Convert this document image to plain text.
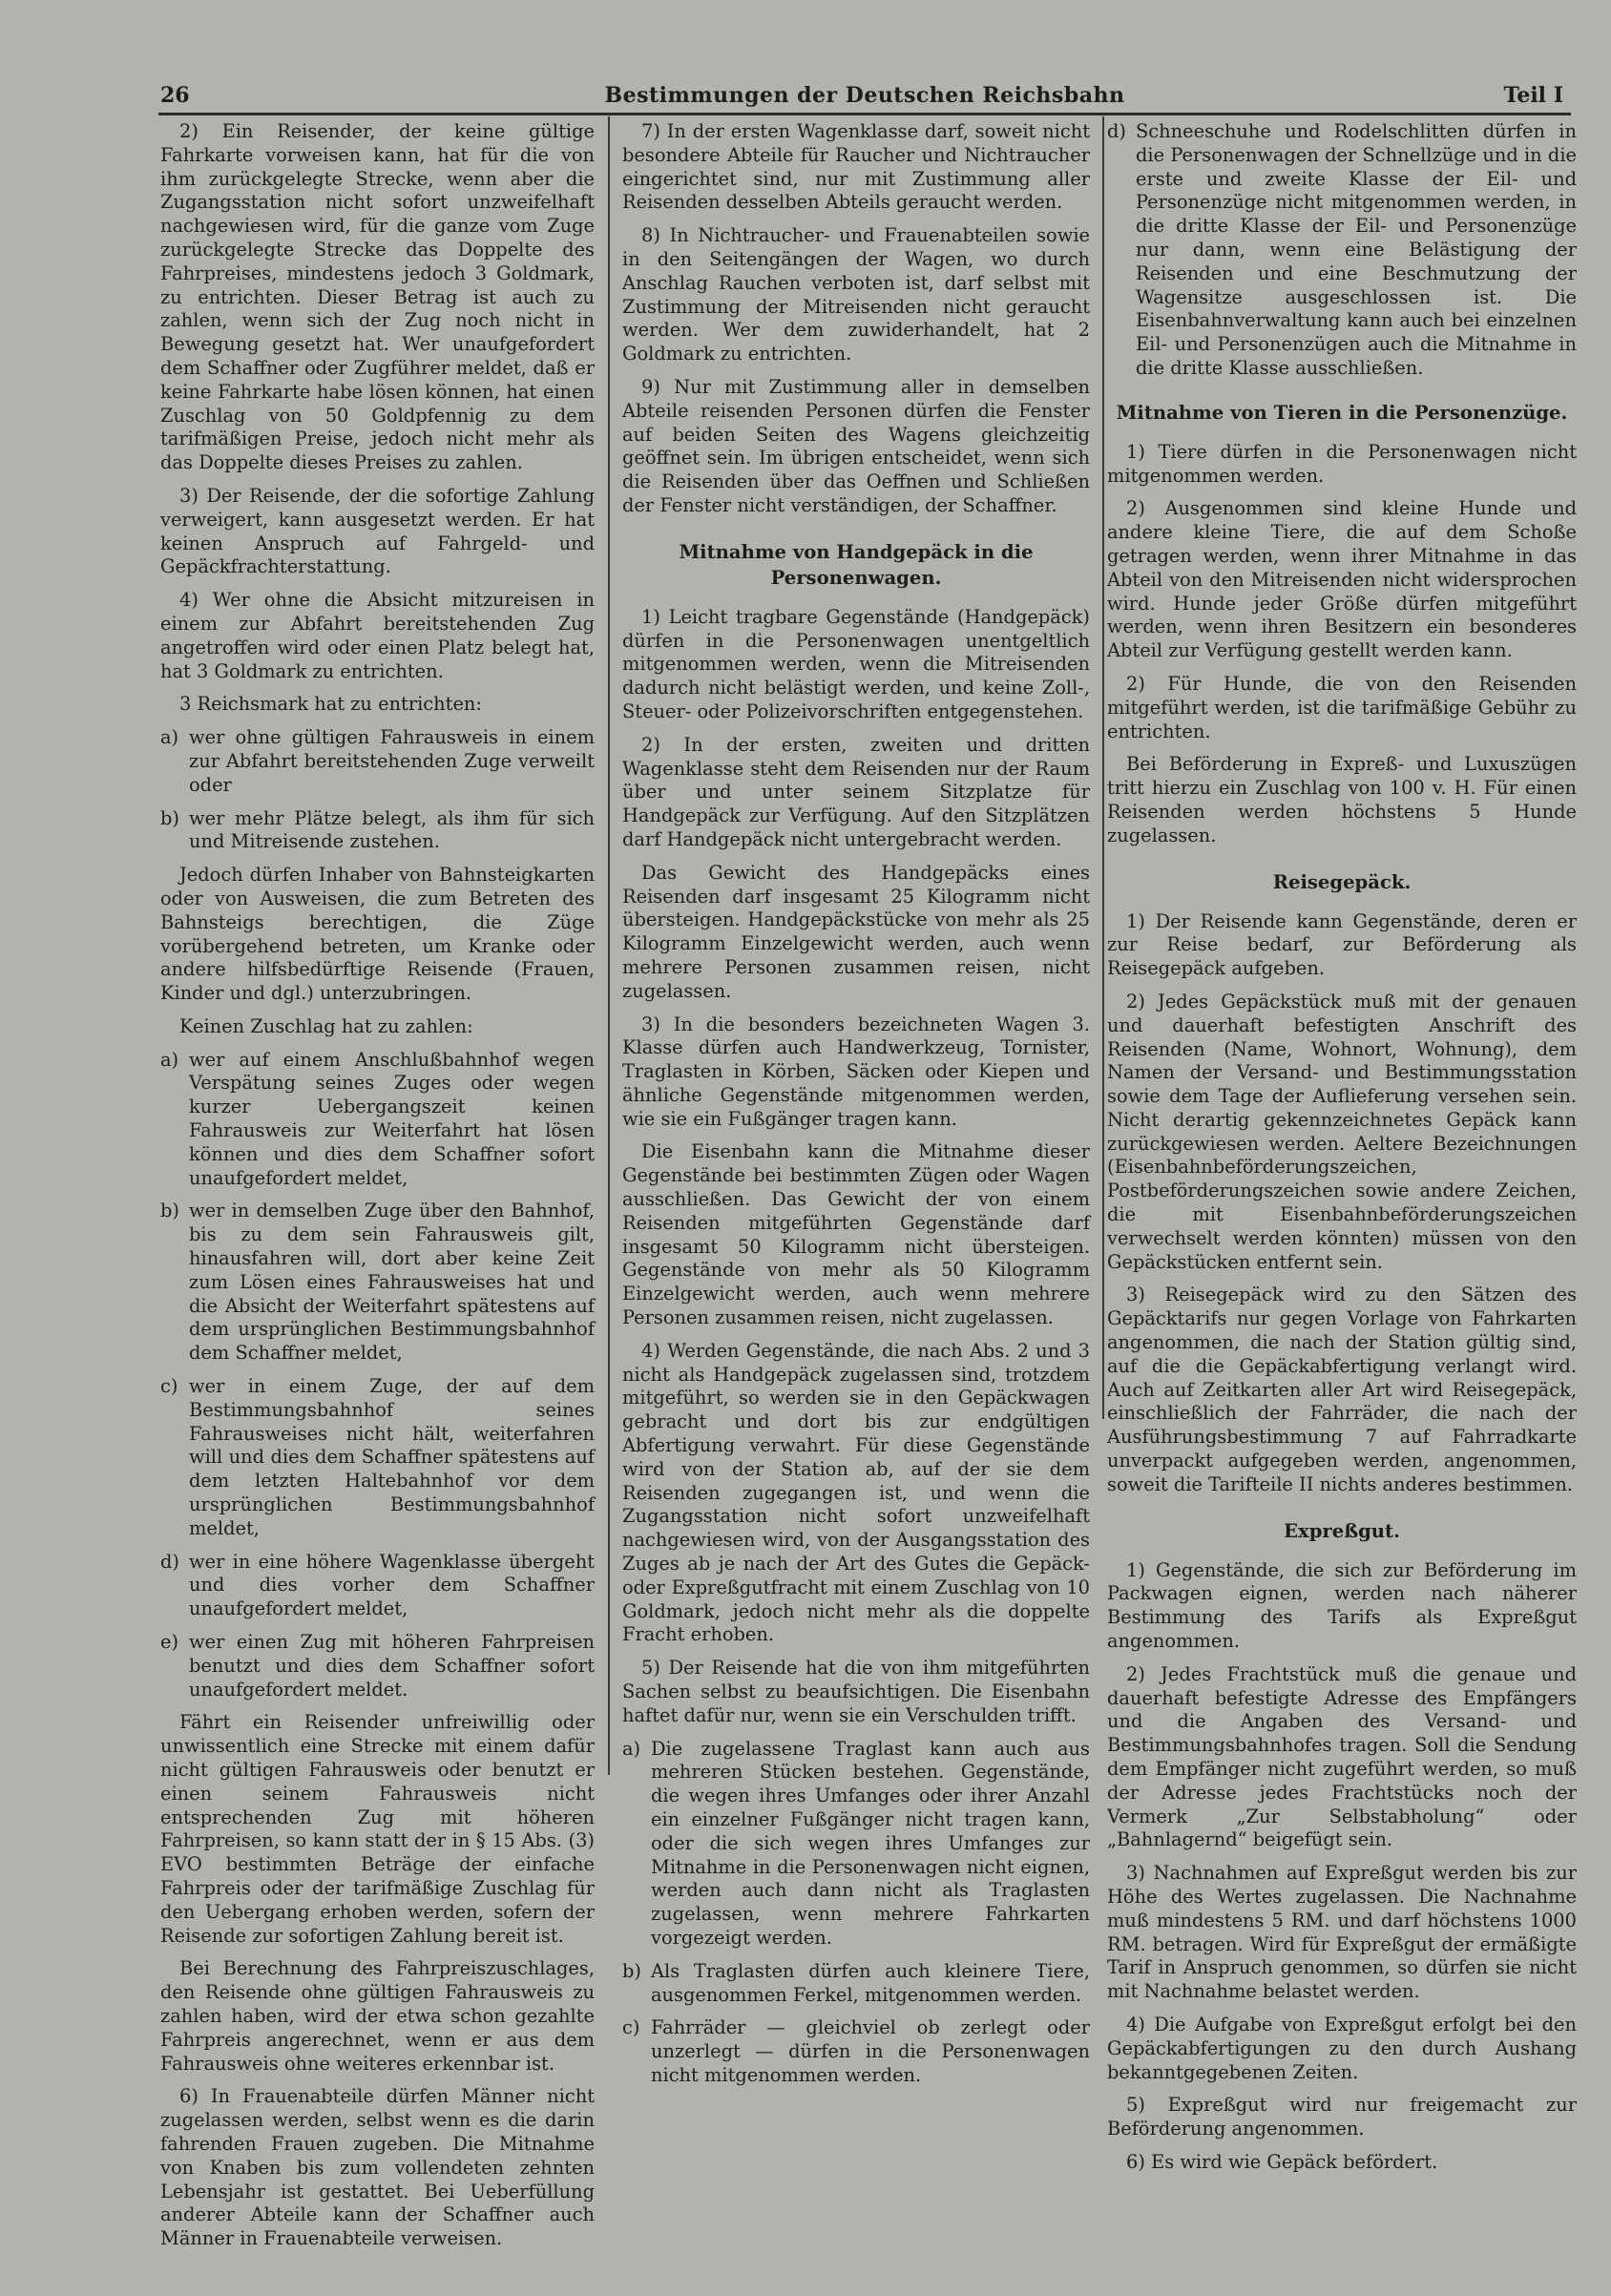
26	Bestimmungen der Deutschen Reichsbahn	Teil I

2) Ein Reisender, der keine gültige Fahrkarte vorweisen kann, hat für die von ihm zurückgelegte Strecke, wenn aber die Zugangsstation nicht sofort unzweifelhaft nachgewiesen wird, für die ganze vom Zuge zurückgelegte Strecke das Doppelte des Fahrpreises, mindestens jedoch 3 Goldmark, zu entrichten. Dieser Betrag ist auch zu zahlen, wenn sich der Zug noch nicht in Bewegung gesetzt hat. Wer unaufgefordert dem Schaffner oder Zugführer meldet, daß er keine Fahrkarte habe lösen können, hat einen Zuschlag von 50 Goldpfennig zu dem tarifmäßigen Preise, jedoch nicht mehr als das Doppelte dieses Preises zu zahlen.

3) Der Reisende, der die sofortige Zahlung verweigert, kann ausgesetzt werden. Er hat keinen Anspruch auf Fahrgeld- und Gepäckfrachterstattung.

4) Wer ohne die Absicht mitzureisen in einem zur Abfahrt bereitstehenden Zug angetroffen wird oder einen Platz belegt hat, hat 3 Goldmark zu entrichten.

3 Reichsmark hat zu entrichten:

a) wer ohne gültigen Fahrausweis in einem zur Abfahrt bereitstehenden Zuge verweilt oder

b) wer mehr Plätze belegt, als ihm für sich und Mitreisende zustehen.

Jedoch dürfen Inhaber von Bahnsteigkarten oder von Ausweisen, die zum Betreten des Bahnsteigs berechtigen, die Züge vorübergehend betreten, um Kranke oder andere hilfsbedürftige Reisende (Frauen, Kinder und dgl.) unterzubringen.

Keinen Zuschlag hat zu zahlen:

a) wer auf einem Anschlußbahnhof wegen Verspätung seines Zuges oder wegen kurzer Uebergangszeit keinen Fahrausweis zur Weiterfahrt hat lösen können und dies dem Schaffner sofort unaufgefordert meldet,

b) wer in demselben Zuge über den Bahnhof, bis zu dem sein Fahrausweis gilt, hinausfahren will, dort aber keine Zeit zum Lösen eines Fahrausweises hat und die Absicht der Weiterfahrt spätestens auf dem ursprünglichen Bestimmungsbahnhof dem Schaffner meldet,

c) wer in einem Zuge, der auf dem Bestimmungsbahnhof seines Fahrausweises nicht hält, weiterfahren will und dies dem Schaffner spätestens auf dem letzten Haltebahnhof vor dem ursprünglichen Bestimmungsbahnhof meldet,

d) wer in eine höhere Wagenklasse übergeht und dies vorher dem Schaffner unaufgefordert meldet,

e) wer einen Zug mit höheren Fahrpreisen benutzt und dies dem Schaffner sofort unaufgefordert meldet.

Fährt ein Reisender unfreiwillig oder unwissentlich eine Strecke mit einem dafür nicht gültigen Fahrausweis oder benutzt er einen seinem Fahrausweis nicht entsprechenden Zug mit höheren Fahrpreisen, so kann statt der in § 15 Abs. (3) EVO bestimmten Beträge der einfache Fahrpreis oder der tarifmäßige Zuschlag für den Uebergang erhoben werden, sofern der Reisende zur sofortigen Zahlung bereit ist.

Bei Berechnung des Fahrpreiszuschlages, den Reisende ohne gültigen Fahrausweis zu zahlen haben, wird der etwa schon gezahlte Fahrpreis angerechnet, wenn er aus dem Fahrausweis ohne weiteres erkennbar ist.

6) In Frauenabteile dürfen Männer nicht zugelassen werden, selbst wenn es die darin fahrenden Frauen zugeben. Die Mitnahme von Knaben bis zum vollendeten zehnten Lebensjahr ist gestattet. Bei Ueberfüllung anderer Abteile kann der Schaffner auch Männer in Frauenabteile verweisen.

7) In der ersten Wagenklasse darf, soweit nicht besondere Abteile für Raucher und Nichtraucher eingerichtet sind, nur mit Zustimmung aller Reisenden desselben Abteils geraucht werden.

8) In Nichtraucher- und Frauenabteilen sowie in den Seitengängen der Wagen, wo durch Anschlag Rauchen verboten ist, darf selbst mit Zustimmung der Mitreisenden nicht geraucht werden. Wer dem zuwiderhandelt, hat 2 Goldmark zu entrichten.

9) Nur mit Zustimmung aller in demselben Abteile reisenden Personen dürfen die Fenster auf beiden Seiten des Wagens gleichzeitig geöffnet sein. Im übrigen entscheidet, wenn sich die Reisenden über das Oeffnen und Schließen der Fenster nicht verständigen, der Schaffner.

Mitnahme von Handgepäck in die Personenwagen.

1) Leicht tragbare Gegenstände (Handgepäck) dürfen in die Personenwagen unentgeltlich mitgenommen werden, wenn die Mitreisenden dadurch nicht belästigt werden, und keine Zoll-, Steuer- oder Polizeivorschriften entgegenstehen.

2) In der ersten, zweiten und dritten Wagenklasse steht dem Reisenden nur der Raum über und unter seinem Sitzplatze für Handgepäck zur Verfügung. Auf den Sitzplätzen darf Handgepäck nicht untergebracht werden.

Das Gewicht des Handgepäcks eines Reisenden darf insgesamt 25 Kilogramm nicht übersteigen. Handgepäckstücke von mehr als 25 Kilogramm Einzelgewicht werden, auch wenn mehrere Personen zusammen reisen, nicht zugelassen.

3) In die besonders bezeichneten Wagen 3. Klasse dürfen auch Handwerkzeug, Tornister, Traglasten in Körben, Säcken oder Kiepen und ähnliche Gegenstände mitgenommen werden, wie sie ein Fußgänger tragen kann.

Die Eisenbahn kann die Mitnahme dieser Gegenstände bei bestimmten Zügen oder Wagen ausschließen. Das Gewicht der von einem Reisenden mitgeführten Gegenstände darf insgesamt 50 Kilogramm nicht übersteigen. Gegenstände von mehr als 50 Kilogramm Einzelgewicht werden, auch wenn mehrere Personen zusammen reisen, nicht zugelassen.

4) Werden Gegenstände, die nach Abs. 2 und 3 nicht als Handgepäck zugelassen sind, trotzdem mitgeführt, so werden sie in den Gepäckwagen gebracht und dort bis zur endgültigen Abfertigung verwahrt. Für diese Gegenstände wird von der Station ab, auf der sie dem Reisenden zugegangen ist, und wenn die Zugangsstation nicht sofort unzweifelhaft nachgewiesen wird, von der Ausgangsstation des Zuges ab je nach der Art des Gutes die Gepäck- oder Expreßgutfracht mit einem Zuschlag von 10 Goldmark, jedoch nicht mehr als die doppelte Fracht erhoben.

5) Der Reisende hat die von ihm mitgeführten Sachen selbst zu beaufsichtigen. Die Eisenbahn haftet dafür nur, wenn sie ein Verschulden trifft.

a) Die zugelassene Traglast kann auch aus mehreren Stücken bestehen. Gegenstände, die wegen ihres Umfanges oder ihrer Anzahl ein einzelner Fußgänger nicht tragen kann, oder die sich wegen ihres Umfanges zur Mitnahme in die Personenwagen nicht eignen, werden auch dann nicht als Traglasten zugelassen, wenn mehrere Fahrkarten vorgezeigt werden.

b) Als Traglasten dürfen auch kleinere Tiere, ausgenommen Ferkel, mitgenommen werden.

c) Fahrräder — gleichviel ob zerlegt oder unzerlegt — dürfen in die Personenwagen nicht mitgenommen werden.

d) Schneeschuhe und Rodelschlitten dürfen in die Personenwagen der Schnellzüge und in die erste und zweite Klasse der Eil- und Personenzüge nicht mitgenommen werden, in die dritte Klasse der Eil- und Personenzüge nur dann, wenn eine Belästigung der Reisenden und eine Beschmutzung der Wagensitze ausgeschlossen ist. Die Eisenbahnverwaltung kann auch bei einzelnen Eil- und Personenzügen auch die Mitnahme in die dritte Klasse ausschließen.

Mitnahme von Tieren in die Personenzüge.

1) Tiere dürfen in die Personenwagen nicht mitgenommen werden.

2) Ausgenommen sind kleine Hunde und andere kleine Tiere, die auf dem Schoße getragen werden, wenn ihrer Mitnahme in das Abteil von den Mitreisenden nicht widersprochen wird. Hunde jeder Größe dürfen mitgeführt werden, wenn ihren Besitzern ein besonderes Abteil zur Verfügung gestellt werden kann.

2) Für Hunde, die von den Reisenden mitgeführt werden, ist die tarifmäßige Gebühr zu entrichten.

Bei Beförderung in Expreß- und Luxuszügen tritt hierzu ein Zuschlag von 100 v. H. Für einen Reisenden werden höchstens 5 Hunde zugelassen.

Reisegepäck.

1) Der Reisende kann Gegenstände, deren er zur Reise bedarf, zur Beförderung als Reisegepäck aufgeben.

2) Jedes Gepäckstück muß mit der genauen und dauerhaft befestigten Anschrift des Reisenden (Name, Wohnort, Wohnung), dem Namen der Versand- und Bestimmungsstation sowie dem Tage der Auflieferung versehen sein. Nicht derartig gekennzeichnetes Gepäck kann zurückgewiesen werden. Aeltere Bezeichnungen (Eisenbahnbeförderungszeichen, Postbeförderungszeichen sowie andere Zeichen, die mit Eisenbahnbeförderungszeichen verwechselt werden könnten) müssen von den Gepäckstücken entfernt sein.

3) Reisegepäck wird zu den Sätzen des Gepäcktarifs nur gegen Vorlage von Fahrkarten angenommen, die nach der Station gültig sind, auf die die Gepäckabfertigung verlangt wird. Auch auf Zeitkarten aller Art wird Reisegepäck, einschließlich der Fahrräder, die nach der Ausführungsbestimmung 7 auf Fahrradkarte unverpackt aufgegeben werden, angenommen, soweit die Tarifteile II nichts anderes bestimmen.

Expreßgut.

1) Gegenstände, die sich zur Beförderung im Packwagen eignen, werden nach näherer Bestimmung des Tarifs als Expreßgut angenommen.

2) Jedes Frachtstück muß die genaue und dauerhaft befestigte Adresse des Empfängers und die Angaben des Versand- und Bestimmungsbahnhofes tragen. Soll die Sendung dem Empfänger nicht zugeführt werden, so muß der Adresse jedes Frachtstücks noch der Vermerk „Zur Selbstabholung“ oder „Bahnlagernd“ beigefügt sein.

3) Nachnahmen auf Expreßgut werden bis zur Höhe des Wertes zugelassen. Die Nachnahme muß mindestens 5 RM. und darf höchstens 1000 RM. betragen. Wird für Expreßgut der ermäßigte Tarif in Anspruch genommen, so dürfen sie nicht mit Nachnahme belastet werden.

4) Die Aufgabe von Expreßgut erfolgt bei den Gepäckabfertigungen zu den durch Aushang bekanntgegebenen Zeiten.

5) Expreßgut wird nur freigemacht zur Beförderung angenommen.

6) Es wird wie Gepäck befördert.
